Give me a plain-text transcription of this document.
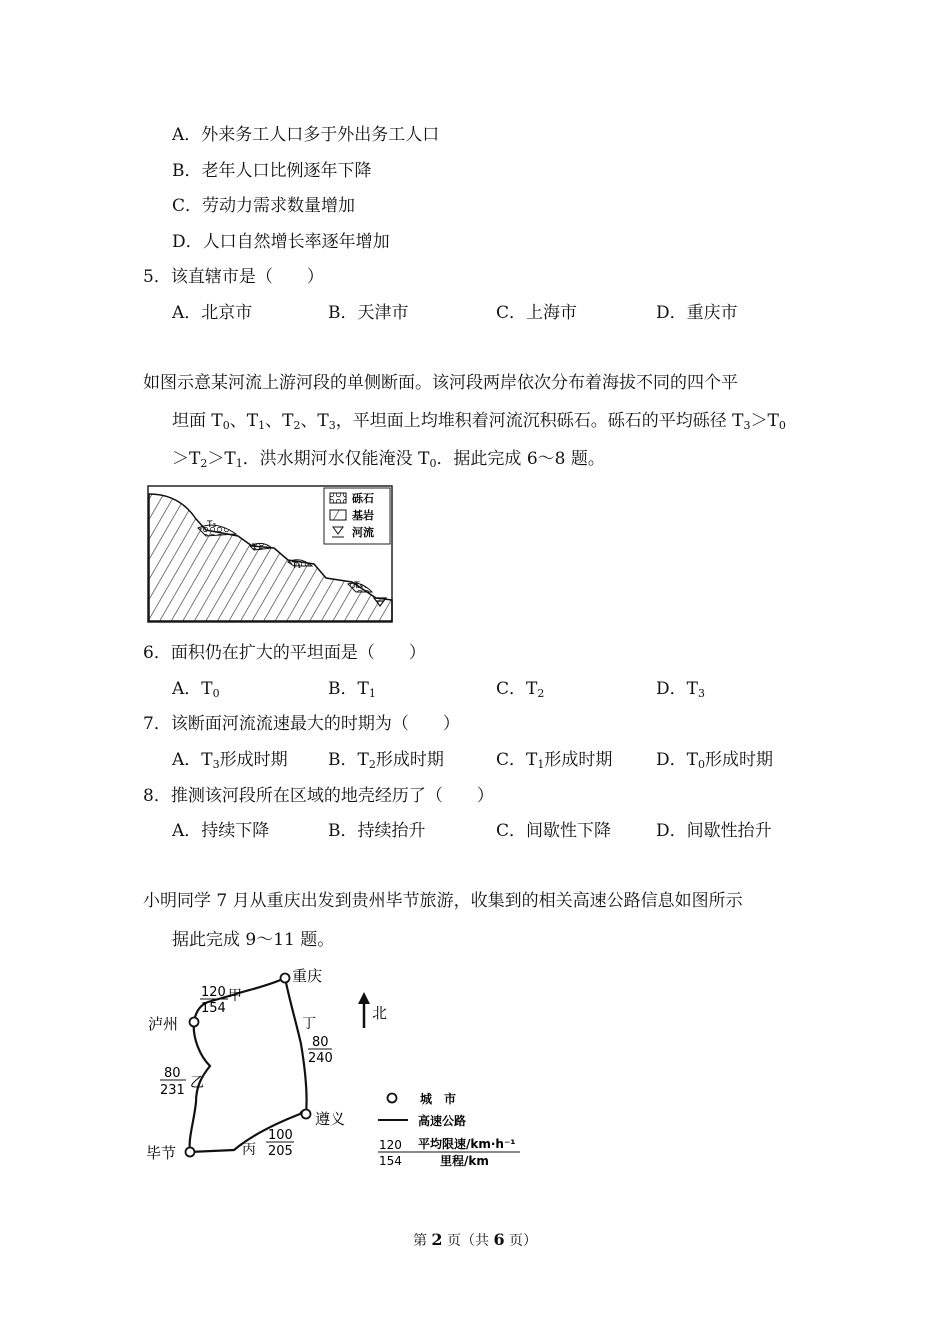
A．外来务工人口多于外出务工人口
B．老年人口比例逐年下降
C．劳动力需求数量增加
D．人口自然增长率逐年增加
5．该直辖市是（　　）
A．北京市	B．天津市	C．上海市	D．重庆市
如图示意某河流上游河段的单侧断面。该河段两岸依次分布着海拔不同的四个平
坦面 $T_0$、$T_1$、$T_2$、$T_3$，平坦面上均堆积着河流沉积砾石。砾石的平均砾径 $T_3>T_0$
$>T_2>T_1$．洪水期河水仅能淹没 $T_0$．据此完成 6～8 题。
T₃
T₂
T₁
T₀
砾石
基岩
河流
6．面积仍在扩大的平坦面是（　　）
A．$T_0$	B．$T_1$	C．$T_2$	D．$T_3$
7．该断面河流流速最大的时期为（　　）
A．$T_3$形成时期 B．$T_2$形成时期	C．$T_1$形成时期	D．$T_0$形成时期
8．推测该河段所在区域的地壳经历了（　　）
A．持续下降	B．持续抬升	C．间歇性下降	D．间歇性抬升
小明同学 7 月从重庆出发到贵州毕节旅游，收集到的相关高速公路信息如图所示
据此完成 9～11 题。
重庆
泸州
遵义
毕节
甲
乙
丙
丁
120
154
80
231
100
205
80
240
北
城　市
高速公路
120
154
平均限速/km·h⁻¹
里程/km
第 2 页（共 6 页）
